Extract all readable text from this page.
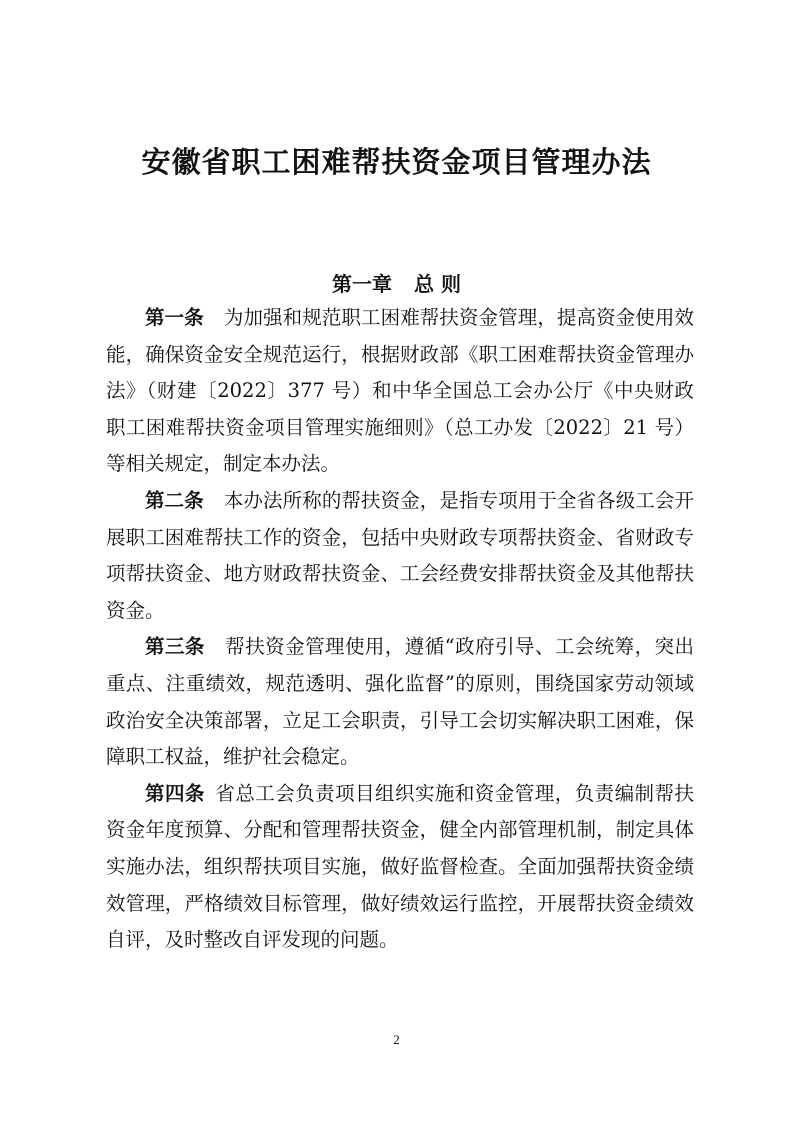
安徽省职工困难帮扶资金项目管理办法
第一章 总 则

第一条 为加强和规范职工困难帮扶资金管理，提高资金使用效能，确保资金安全规范运行，根据财政部《职工困难帮扶资金管理办法》（财建〔2022〕377 号）和中华全国总工会办公厅《中央财政职工困难帮扶资金项目管理实施细则》（总工办发〔2022〕21 号）等相关规定，制定本办法。

第二条 本办法所称的帮扶资金，是指专项用于全省各级工会开展职工困难帮扶工作的资金，包括中央财政专项帮扶资金、省财政专项帮扶资金、地方财政帮扶资金、工会经费安排帮扶资金及其他帮扶资金。

第三条 帮扶资金管理使用，遵循“政府引导、工会统筹，突出重点、注重绩效，规范透明、强化监督”的原则，围绕国家劳动领域政治安全决策部署，立足工会职责，引导工会切实解决职工困难，保障职工权益，维护社会稳定。

第四条 省总工会负责项目组织实施和资金管理，负责编制帮扶资金年度预算、分配和管理帮扶资金，健全内部管理机制，制定具体实施办法，组织帮扶项目实施，做好监督检查。全面加强帮扶资金绩效管理，严格绩效目标管理，做好绩效运行监控，开展帮扶资金绩效自评，及时整改自评发现的问题。

2
